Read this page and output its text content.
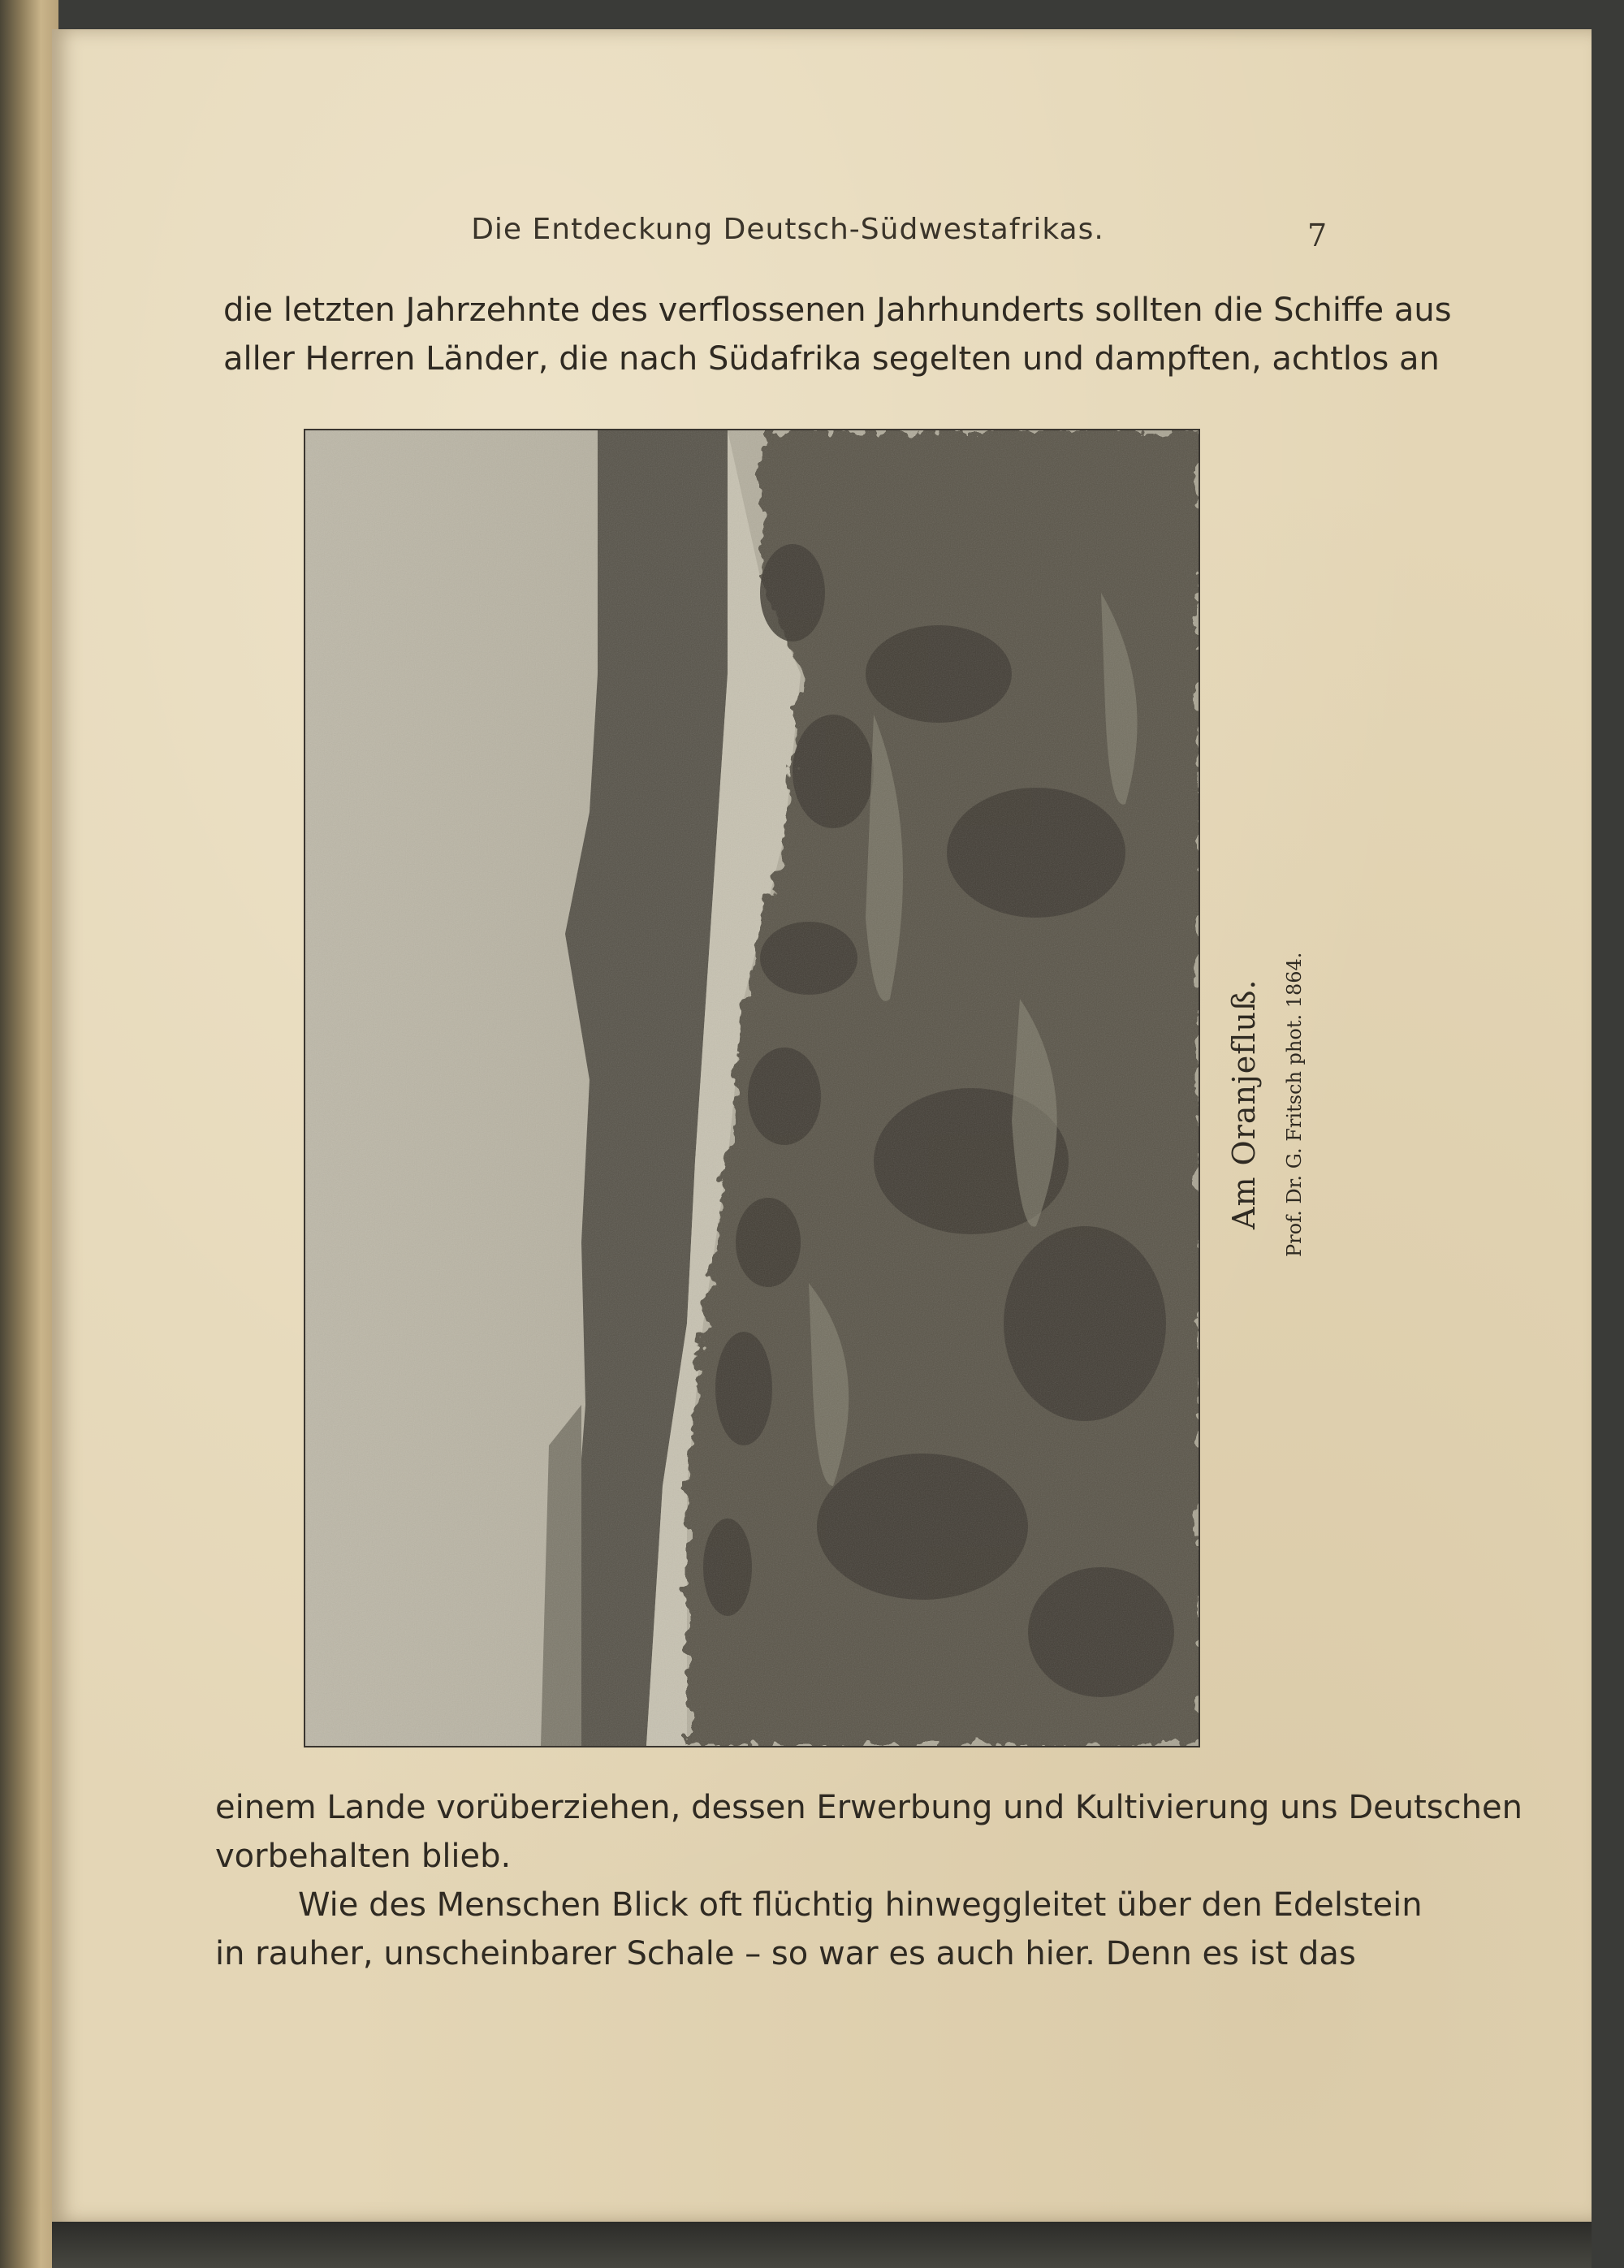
Die Entdeckung Deutsch-Südwestafrikas.	7
die letzten Jahrzehnte des verflossenen Jahrhunderts sollten die Schiffe aus
aller Herren Länder, die nach Südafrika segelten und dampften, achtlos an
Am Oranjefluß. Prof. Dr. G. Fritsch phot. 1864.
einem Lande vorüberziehen, dessen Erwerbung und Kultivierung uns Deutschen
vorbehalten blieb.
Wie des Menschen Blick oft flüchtig hinweggleitet über den Edelstein
in rauher, unscheinbarer Schale – so war es auch hier. Denn es ist das
